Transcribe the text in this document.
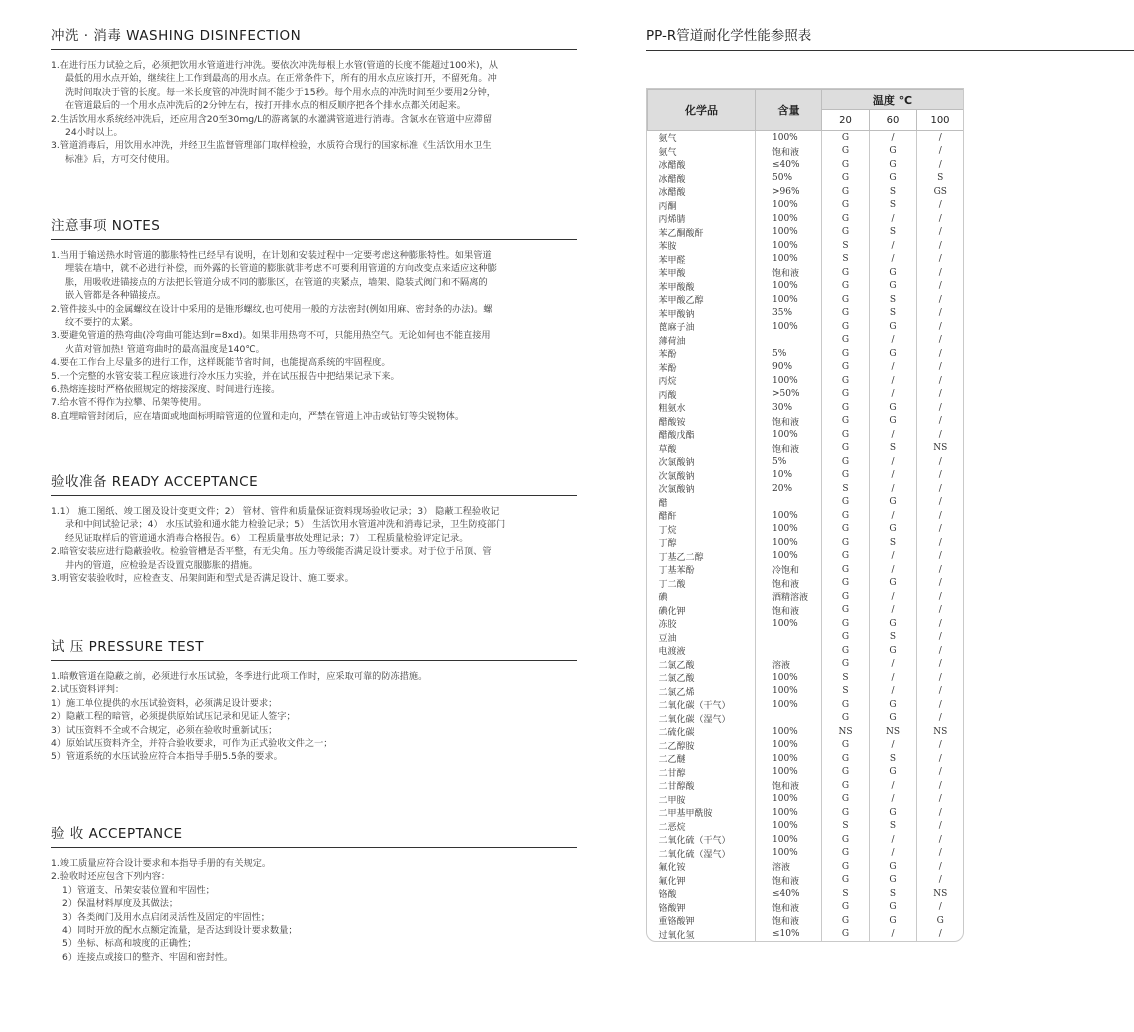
冲洗 · 消毒 WASHING DISINFECTION
1.在进行压力试验之后，必须把饮用水管道进行冲洗。要依次冲洗每根上水管(管道的长度不能超过100米)，从
最低的用水点开始，继续往上工作到最高的用水点。在正常条件下，所有的用水点应该打开，不留死角。冲
洗时间取决于管的长度。每一米长度管的冲洗时间不能少于15秒。每个用水点的冲洗时间至少要用2分钟，
在管道最后的一个用水点冲洗后的2分钟左右，按打开排水点的相反顺序把各个排水点都关闭起来。
2.生活饮用水系统经冲洗后，还应用含20至30mg/L的游离氯的水灌满管道进行消毒。含氯水在管道中应滞留
24小时以上。
3.管道消毒后，用饮用水冲洗，并经卫生监督管理部门取样检验，水质符合现行的国家标准《生活饮用水卫生
标准》后，方可交付使用。
注意事项 NOTES
1.当用于输送热水时管道的膨胀特性已经早有说明，在计划和安装过程中一定要考虑这种膨胀特性。如果管道
埋装在墙中，就不必进行补偿，而外露的长管道的膨胀就非考虑不可要利用管道的方向改变点来适应这种膨
胀，用吸收进锚接点的方法把长管道分成不同的膨胀区，在管道的夹紧点，墙架、隐装式阀门和不隔离的
嵌入管都是各种锚接点。
2.管件接头中的金属螺纹在设计中采用的是锥形螺纹,也可使用一般的方法密封(例如用麻、密封条的办法)。螺
纹不要拧的太紧。
3.要避免管道的热弯曲(冷弯曲可能达到r=8xd)。如果非用热弯不可，只能用热空气。无论如何也不能直接用
火苗对管加热! 管道弯曲时的最高温度是140℃。
4.要在工作台上尽量多的进行工作，这样既能节省时间，也能提高系统的牢固程度。
5.一个完整的水管安装工程应该进行冷水压力实验，并在试压报告中把结果记录下来。
6.热熔连接时严格依照规定的熔接深度、时间进行连接。
7.给水管不得作为拉攀、吊架等使用。
8.直埋暗管封闭后，应在墙面或地面标明暗管道的位置和走向，严禁在管道上冲击或钻钉等尖锐物体。
验收准备 READY ACCEPTANCE
1.1） 施工图纸、竣工图及设计变更文件；2） 管材、管件和质量保证资料现场验收记录；3） 隐蔽工程验收记
录和中间试验记录；4） 水压试验和通水能力检验记录；5） 生活饮用水管道冲洗和消毒记录，卫生防疫部门
经见证取样后的管道通水消毒合格报告。6） 工程质量事故处理记录；7） 工程质量检验评定记录。
2.暗管安装应进行隐蔽验收。检验管槽是否平整，有无尖角。压力等级能否满足设计要求。对于位于吊顶、管
井内的管道，应检验是否设置克服膨胀的措施。
3.明管安装验收时，应检查支、吊架间距和型式是否满足设计、施工要求。
试 压 PRESSURE TEST
1.暗敷管道在隐蔽之前，必须进行水压试验，冬季进行此项工作时，应采取可靠的防冻措施。
2.试压资料评判：
1）施工单位提供的水压试验资料，必须满足设计要求；
2）隐蔽工程的暗管，必须提供原始试压记录和见证人签字；
3）试压资料不全或不合规定，必须在验收时重新试压；
4）原始试压资料齐全，并符合验收要求，可作为正式验收文件之一；
5）管道系统的水压试验应符合本指导手册5.5条的要求。
验 收 ACCEPTANCE
1.竣工质量应符合设计要求和本指导手册的有关规定。
2.验收时还应包含下列内容：
1）管道支、吊架安装位置和牢固性；
2）保温材料厚度及其做法；
3）各类阀门及用水点启闭灵活性及固定的牢固性；
4）同时开放的配水点额定流量，是否达到设计要求数量；
5）坐标、标高和坡度的正确性；
6）连接点或接口的整齐、牢固和密封性。
PP-R管道耐化学性能参照表
化学品	含量	温度 ℃		
		20	60	100
氨气	100%	G	/	/
氨气	饱和液	G	G	/
冰醋酸	≤40%	G	G	/
冰醋酸	50%	G	G	S
冰醋酸	>96%	G	S	GS
丙酮	100%	G	S	/
丙烯腈	100%	G	/	/
苯乙酮酸酐	100%	G	S	/
苯胺	100%	S	/	/
苯甲醛	100%	S	/	/
苯甲酸	饱和液	G	G	/
苯甲酸酸	100%	G	G	/
苯甲酸乙醇	100%	G	S	/
苯甲酸钠	35%	G	S	/
蓖麻子油	100%	G	G	/
薄荷油		G	/	/
苯酚	5%	G	G	/
苯酚	90%	G	/	/
丙烷	100%	G	/	/
丙酸	>50%	G	/	/
粗氨水	30%	G	G	/
醋酸铵	饱和液	G	G	/
醋酸戊酯	100%	G	/	/
草酸	饱和液	G	S	NS
次氯酸钠	5%	G	/	/
次氯酸钠	10%	G	/	/
次氯酸钠	20%	S	/	/
醋		G	G	/
醋酐	100%	G	/	/
丁烷	100%	G	G	/
丁醇	100%	G	S	/
丁基乙二醇	100%	G	/	/
丁基苯酚	冷饱和	G	/	/
丁二酸	饱和液	G	G	/
碘	酒精溶液	G	/	/
碘化钾	饱和液	G	/	/
冻胶	100%	G	G	/
豆油		G	S	/
电渡液		G	G	/
二氯乙酸	溶液	G	/	/
二氯乙酸	100%	S	/	/
二氯乙烯	100%	S	/	/
二氧化碳（干气）	100%	G	G	/
二氧化碳（湿气）		G	G	/
二硫化碳	100%	NS	NS	NS
二乙醇胺	100%	G	/	/
二乙醚	100%	G	S	/
二甘醇	100%	G	G	/
二甘醇酸	饱和液	G	/	/
二甲胺	100%	G	/	/
二甲基甲酰胺	100%	G	G	/
二恶烷	100%	S	S	/
二氧化硫（干气）	100%	G	/	/
二氧化硫（湿气）	100%	G	/	/
氟化铵	溶液	G	G	/
氟化钾	饱和液	G	G	/
铬酸	≤40%	S	S	NS
铬酸钾	饱和液	G	G	/
重铬酸钾	饱和液	G	G	G
过氧化氢	≤10%	G	/	/
